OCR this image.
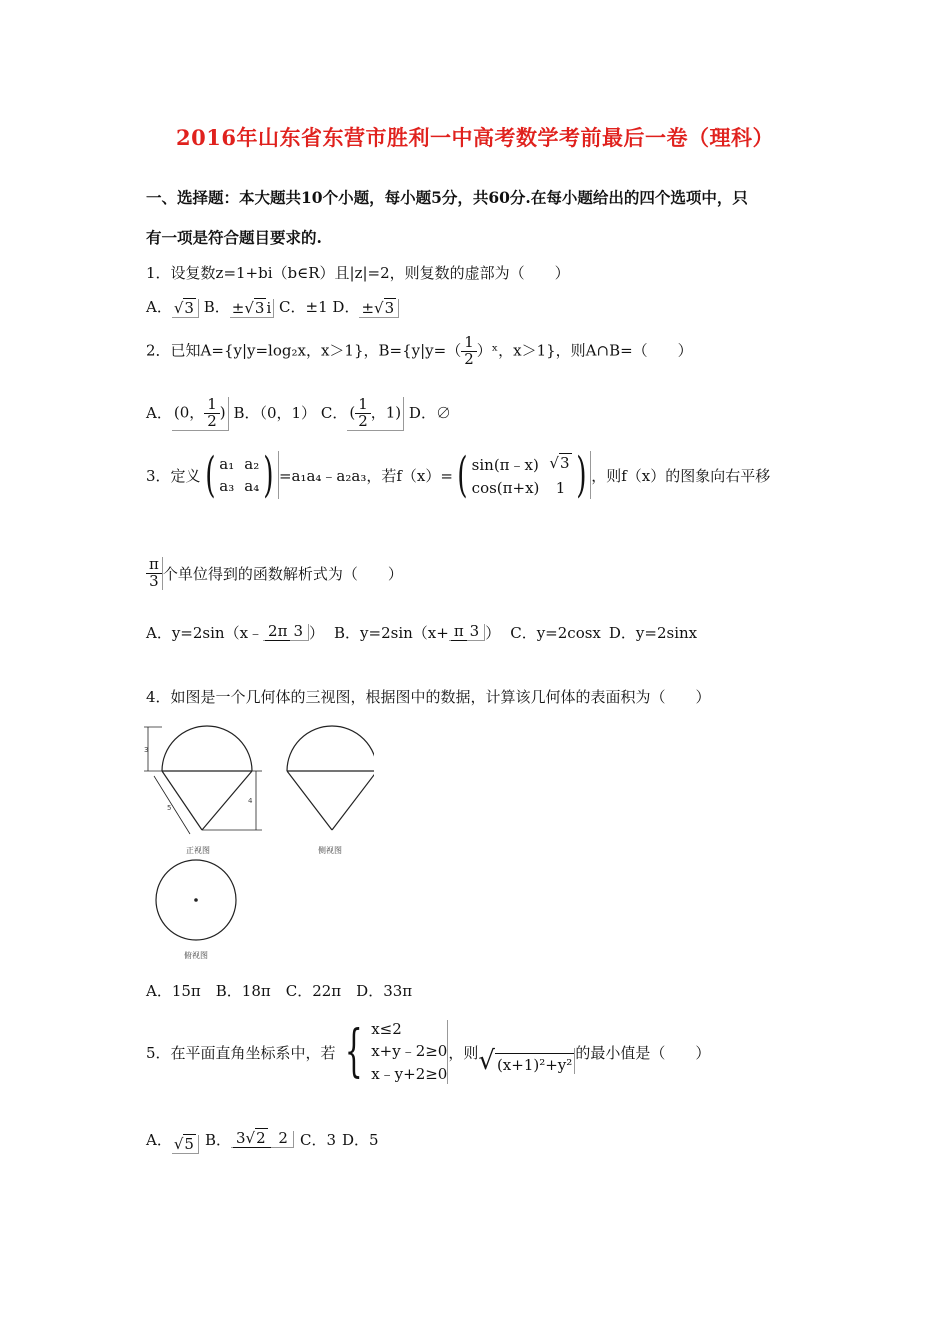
2016年山东省东营市胜利一中高考数学考前最后一卷（理科）
一、选择题：本大题共10个小题，每小题5分，共60分.在每小题给出的四个选项中，只
有一项是符合题目要求的.
1．设复数z=1+bi（b∈R）且|z|=2，则复数的虚部为（　　）
A． √3 B． ±√3 i C．±1 D． ±√3
2．已知A={y|y=log₂x，x＞1}，$B=\{y|y=( \frac{1}{2}$ ）ˣ，x＞1}，则A∩B=（　　）
A． (0， $\frac{1}{2}$ ) B．（0，1） C． ( $\frac{1}{2}$ ，1) D．∅
3．定义 ( a₁ a₂
a₃ a₄ ) =a₁a₄﹣a₂a₃，若f（x）= ( sin(π﹣x) √3
cos(π+x)	1 ) ，则f（x）的图象向右平移
$\frac{\pi}{3}$ 个单位得到的函数解析式为（　　）
A．y=2sin（x﹣ 2π 3 ） B．y=2sin（x+ π 3 ） C．y=2cosx D．y=2sinx
4．如图是一个几何体的三视图，根据图中的数据，计算该几何体的表面积为（　　）
3
5
4
正视图	侧视图
俯视图
A．15π　B．18π　C．22π　D．33π
5．在平面直角坐标系中，若 { x≤2
x+y﹣2≥0
x﹣y+2≥0
，则 √ (x+1)²+y²
的最小值是（　　）
A． √5 B． 3√2 2 C．3 D．5
